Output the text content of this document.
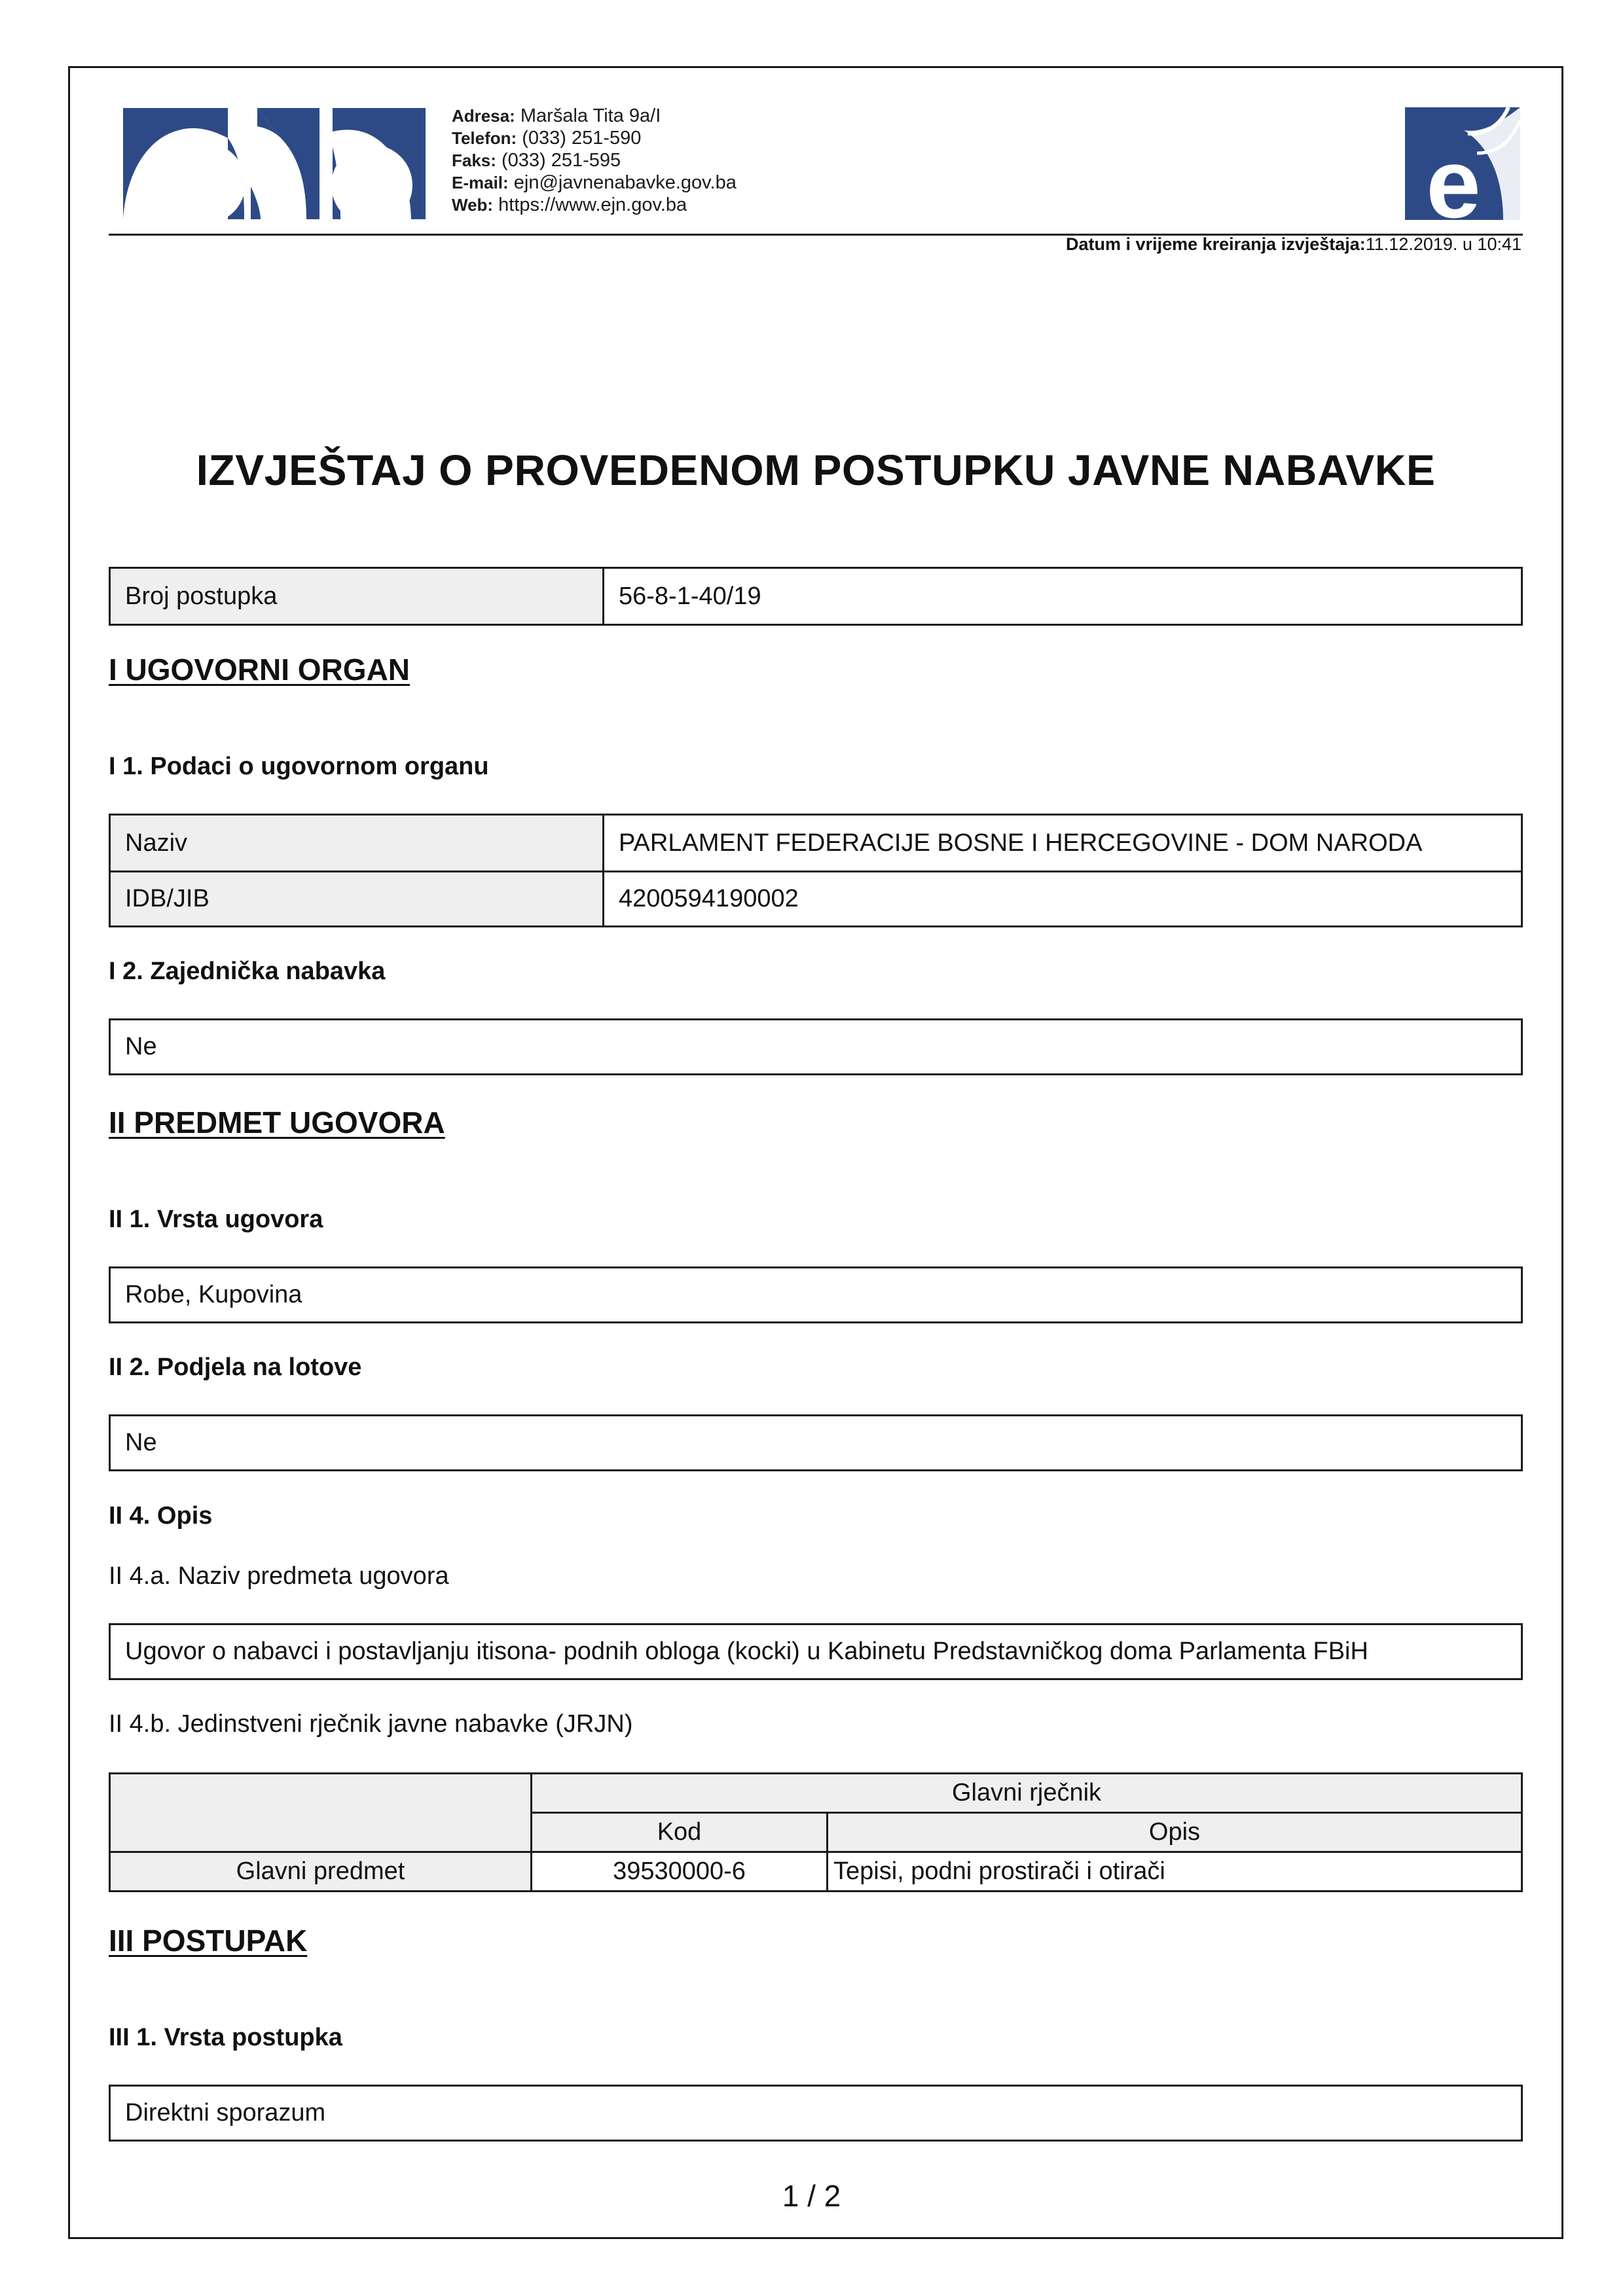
Adresa: Maršala Tita 9a/I
Telefon: (033) 251-590
Faks: (033) 251-595
E-mail: ejn@javnenabavke.gov.ba
Web: https://www.ejn.gov.ba	e
Datum i vrijeme kreiranja izvještaja:11.12.2019. u 10:41
IZVJEŠTAJ O PROVEDENOM POSTUPKU JAVNE NABAVKE
Broj postupka	56-8-1-40/19
I UGOVORNI ORGAN
I 1. Podaci o ugovornom organu
Naziv	PARLAMENT FEDERACIJE BOSNE I HERCEGOVINE - DOM NARODA
IDB/JIB	4200594190002
I 2. Zajednička nabavka
Ne
II PREDMET UGOVORA
II 1. Vrsta ugovora
Robe, Kupovina
II 2. Podjela na lotove
Ne
II 4. Opis
II 4.a. Naziv predmeta ugovora
Ugovor o nabavci i postavljanju itisona- podnih obloga (kocki) u Kabinetu Predstavničkog doma Parlamenta FBiH
II 4.b. Jedinstveni rječnik javne nabavke (JRJN)
	Glavni rječnik	
	Kod	Opis
Glavni predmet	39530000-6	Tepisi, podni prostirači i otirači
III POSTUPAK
III 1. Vrsta postupka
Direktni sporazum
1 / 2
